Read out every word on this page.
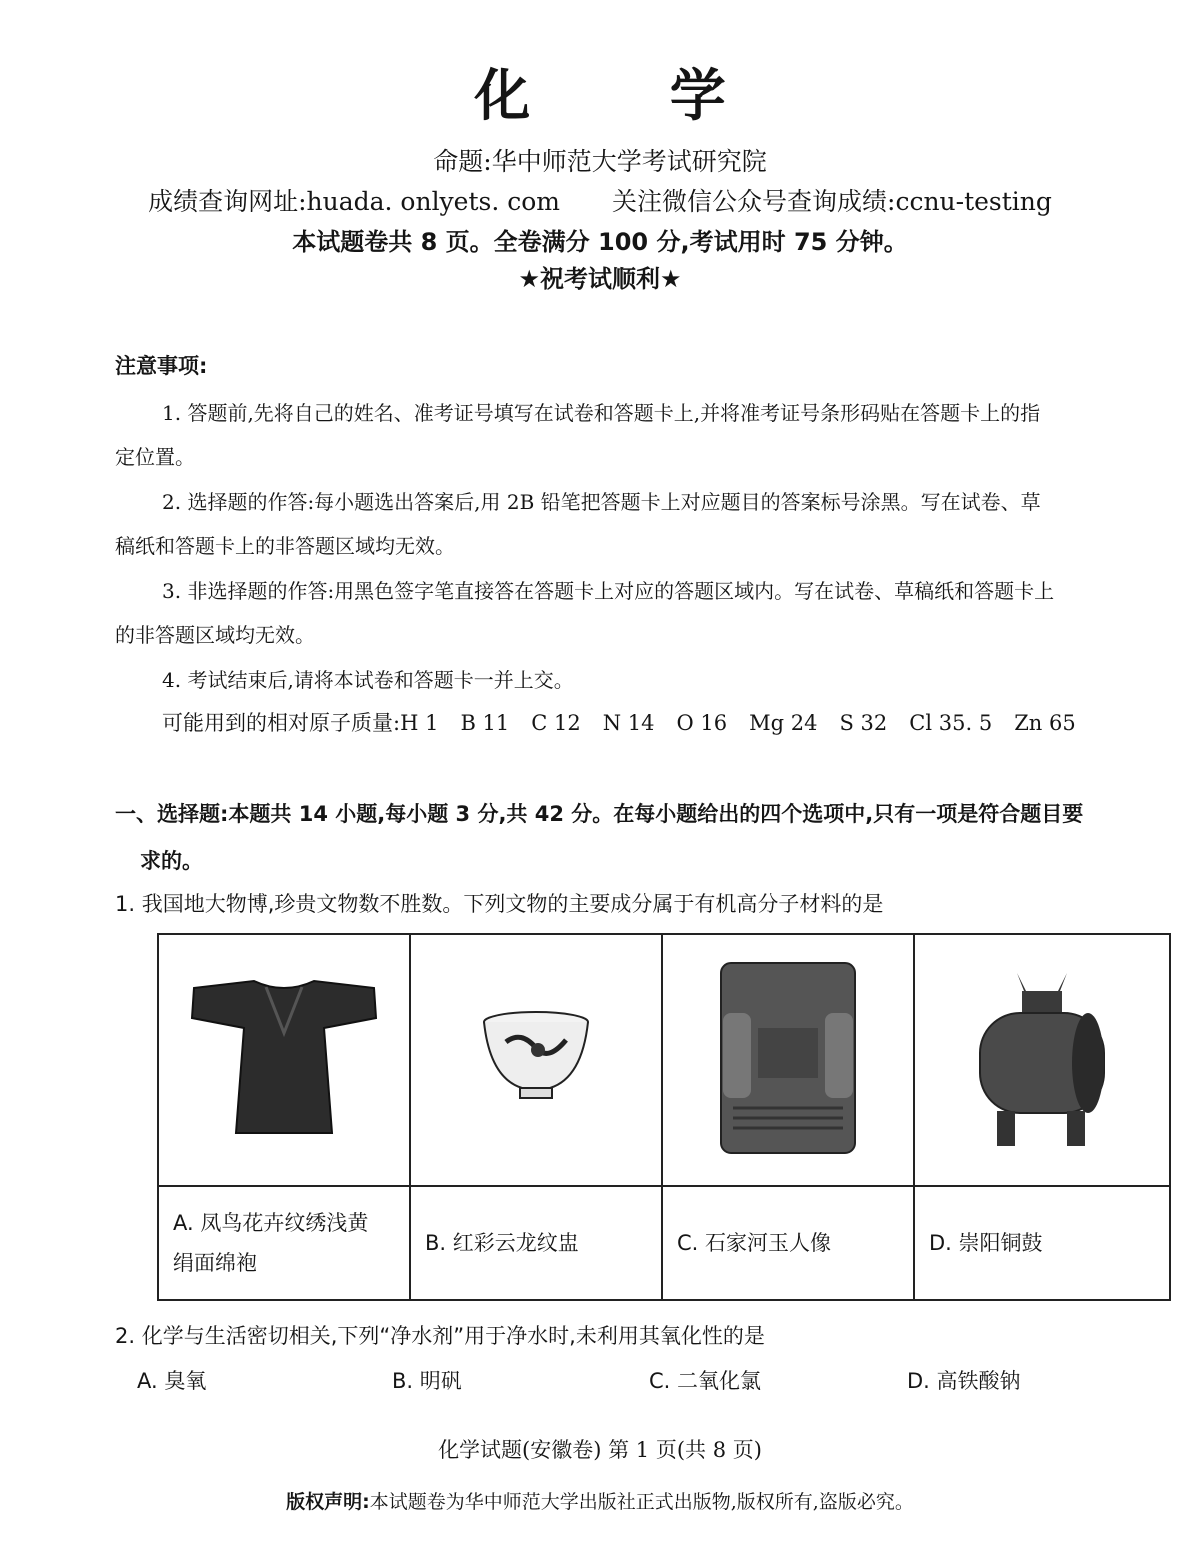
化 学
命题:华中师范大学考试研究院
成绩查询网址:huada. onlyets. com 关注微信公众号查询成绩:ccnu-testing
本试题卷共 8 页。全卷满分 100 分,考试用时 75 分钟。
★祝考试顺利★
注意事项:
1. 答题前,先将自己的姓名、准考证号填写在试卷和答题卡上,并将准考证号条形码贴在答题卡上的指
定位置。
2. 选择题的作答:每小题选出答案后,用 2B 铅笔把答题卡上对应题目的答案标号涂黑。写在试卷、草
稿纸和答题卡上的非答题区域均无效。
3. 非选择题的作答:用黑色签字笔直接答在答题卡上对应的答题区域内。写在试卷、草稿纸和答题卡上
的非答题区域均无效。
4. 考试结束后,请将本试卷和答题卡一并上交。
可能用到的相对原子质量:H 1 B 11 C 12 N 14 O 16 Mg 24 S 32 Cl 35. 5 Zn 65
一、选择题:本题共 14 小题,每小题 3 分,共 42 分。在每小题给出的四个选项中,只有一项是符合题目要
求的。
1. 我国地大物博,珍贵文物数不胜数。下列文物的主要成分属于有机高分子材料的是

A. 凤鸟花卉纹绣浅黄
绢面绵袍	B. 红彩云龙纹盅	C. 石家河玉人像	D. 崇阳铜鼓
2. 化学与生活密切相关,下列“净水剂”用于净水时,未利用其氧化性的是
A. 臭氧	B. 明矾	C. 二氧化氯	D. 高铁酸钠
化学试题(安徽卷) 第 1 页(共 8 页)
版权声明:本试题卷为华中师范大学出版社正式出版物,版权所有,盗版必究。
